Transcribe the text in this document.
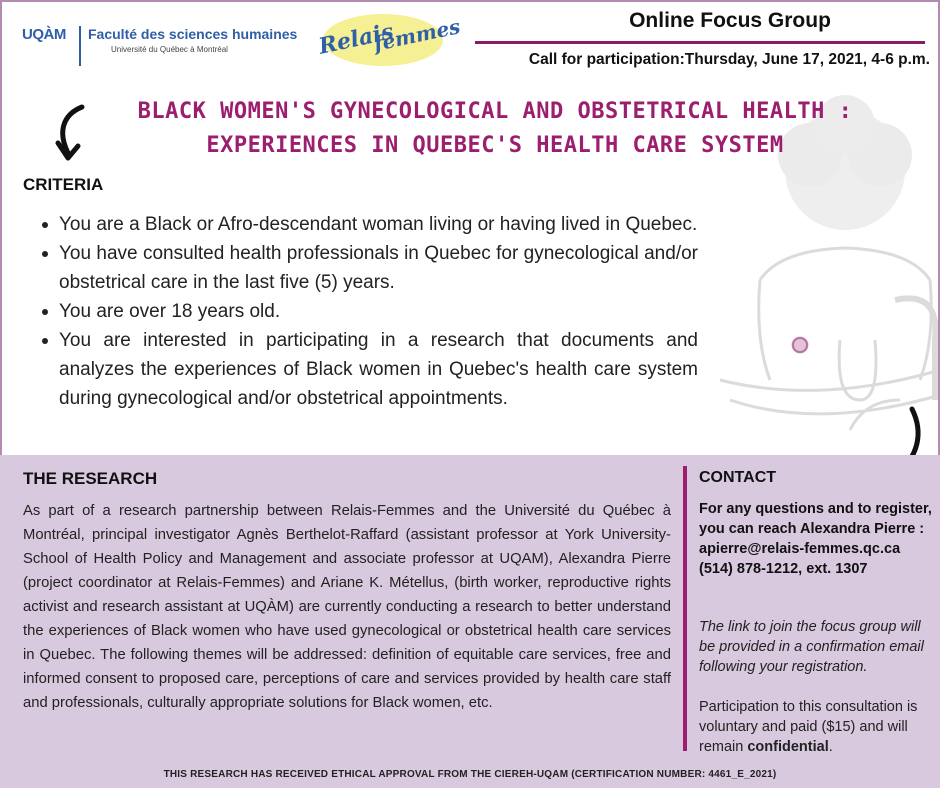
UQÀM Faculté des sciences humaines
Université du Québec à Montréal	Relais
femmes	Online Focus Group
Call for participation:Thursday, June 17, 2021, 4-6 p.m.
BLACK WOMEN'S GYNECOLOGICAL AND OBSTETRICAL HEALTH :
EXPERIENCES IN QUEBEC'S HEALTH CARE SYSTEM
CRITERIA
You are a Black or Afro-descendant woman living or having lived in Quebec.
You have consulted health professionals in Quebec for gynecological and/or obstetrical care in the last five (5) years.
You are over 18 years old.
You are interested in participating in a research that documents and analyzes the experiences of Black women in Quebec's health care system during gynecological and/or obstetrical appointments.
THE RESEARCH

As part of a research partnership between Relais-Femmes and the Université du Québec à Montréal, principal investigator Agnès Berthelot-Raffard (assistant professor at York University-School of Health Policy and Management and associate professor at UQAM), Alexandra Pierre (project coordinator at Relais-Femmes) and Ariane K. Métellus, (birth worker, reproductive rights activist and research assistant at UQÀM) are currently conducting a research to better understand the experiences of Black women who have used gynecological or obstetrical health care services in Quebec. The following themes will be addressed: definition of equitable care services, free and informed consent to proposed care, perceptions of care and services provided by health care staff and professionals, culturally appropriate solutions for Black women, etc.

CONTACT
For any questions and to register, you can reach Alexandra Pierre :
apierre@relais-femmes.qc.ca
(514) 878-1212, ext. 1307
The link to join the focus group will be provided in a confirmation email following your registration.
Participation to this consultation is voluntary and paid ($15) and will remain confidential.
THIS RESEARCH HAS RECEIVED ETHICAL APPROVAL FROM THE CIEREH-UQAM (CERTIFICATION NUMBER: 4461_E_2021)
